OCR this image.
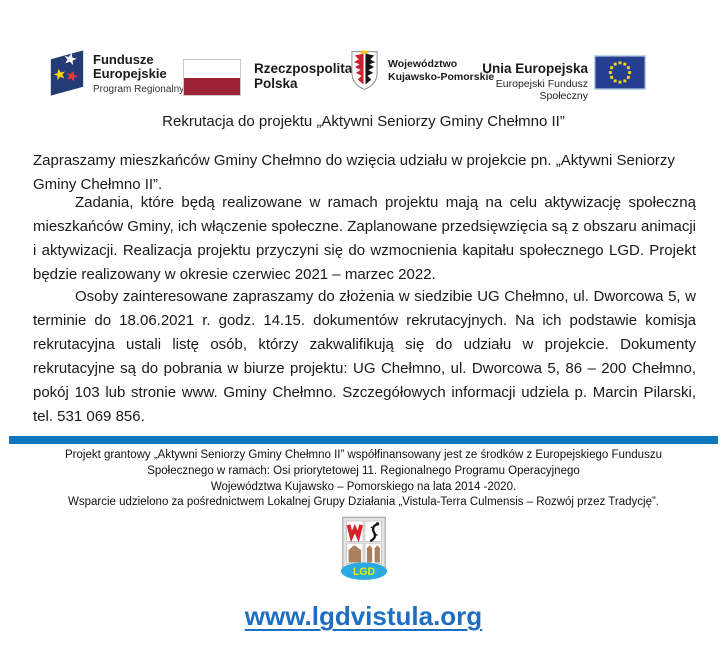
Fundusze
Europejskie
Program Regionalny
Rzeczpospolita
Polska
Województwo
Kujawsko-Pomorskie
Unia Europejska
Europejski Fundusz Społeczny
Rekrutacja do projektu „Aktywni Seniorzy Gminy Chełmno II”
Zapraszamy mieszkańców Gminy Chełmno do wzięcia udziału w projekcie pn. „Aktywni Seniorzy Gminy Chełmno II”.
Zadania, które będą realizowane w ramach projektu mają na celu aktywizację społeczną mieszkańców Gminy, ich włączenie społeczne. Zaplanowane przedsięwzięcia są z obszaru animacji i aktywizacji. Realizacja projektu przyczyni się do wzmocnienia kapitału społecznego LGD. Projekt będzie realizowany w okresie czerwiec 2021 – marzec 2022.
Osoby zainteresowane zapraszamy do złożenia w siedzibie UG Chełmno, ul. Dworcowa 5, w terminie do 18.06.2021 r. godz. 14.15. dokumentów rekrutacyjnych. Na ich podstawie komisja rekrutacyjna ustali listę osób, którzy zakwalifikują się do udziału w projekcie. Dokumenty rekrutacyjne są do pobrania w biurze projektu: UG Chełmno, ul. Dworcowa 5, 86 – 200 Chełmno, pokój 103 lub stronie www. Gminy Chełmno. Szczegółowych informacji udziela p. Marcin Pilarski, tel. 531 069 856.
Projekt grantowy „Aktywni Seniorzy Gminy Chełmno II” współfinansowany jest ze środków z Europejskiego Funduszu
Społecznego w ramach: Osi priorytetowej 11. Regionalnego Programu Operacyjnego
Województwa Kujawsko – Pomorskiego na lata 2014 -2020.
Wsparcie udzielono za pośrednictwem Lokalnej Grupy Działania „Vistula-Terra Culmensis – Rozwój przez Tradycję”.
LGD
www.lgdvistula.org
